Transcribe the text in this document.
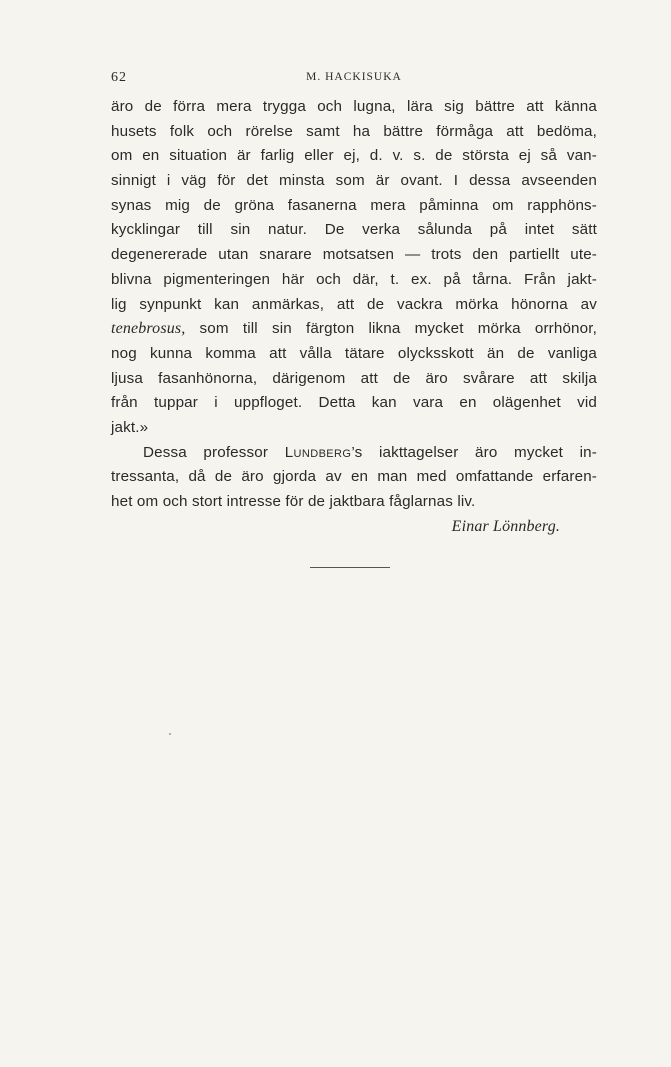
62	M. HACKISUKA
äro de förra mera trygga och lugna, lära sig bättre att känna
husets folk och rörelse samt ha bättre förmåga att bedöma,
om en situation är farlig eller ej, d. v. s. de största ej så van-
sinnigt i väg för det minsta som är ovant. I dessa avseenden
synas mig de gröna fasanerna mera påminna om rapphöns-
kycklingar till sin natur. De verka sålunda på intet sätt
degenererade utan snarare motsatsen — trots den partiellt ute-
blivna pigmenteringen här och där, t. ex. på tårna. Från jakt-
lig synpunkt kan anmärkas, att de vackra mörka hönorna av
tenebrosus, som till sin färgton likna mycket mörka orrhönor,
nog kunna komma att vålla tätare olycksskott än de vanliga
ljusa fasanhönorna, därigenom att de äro svårare att skilja
från tuppar i uppfloget. Detta kan vara en olägenhet vid
jakt.»
Dessa professor Lundberg’s iakttagelser äro mycket in-
tressanta, då de äro gjorda av en man med omfattande erfaren-
het om och stort intresse för de jaktbara fåglarnas liv.
Einar Lönnberg.
